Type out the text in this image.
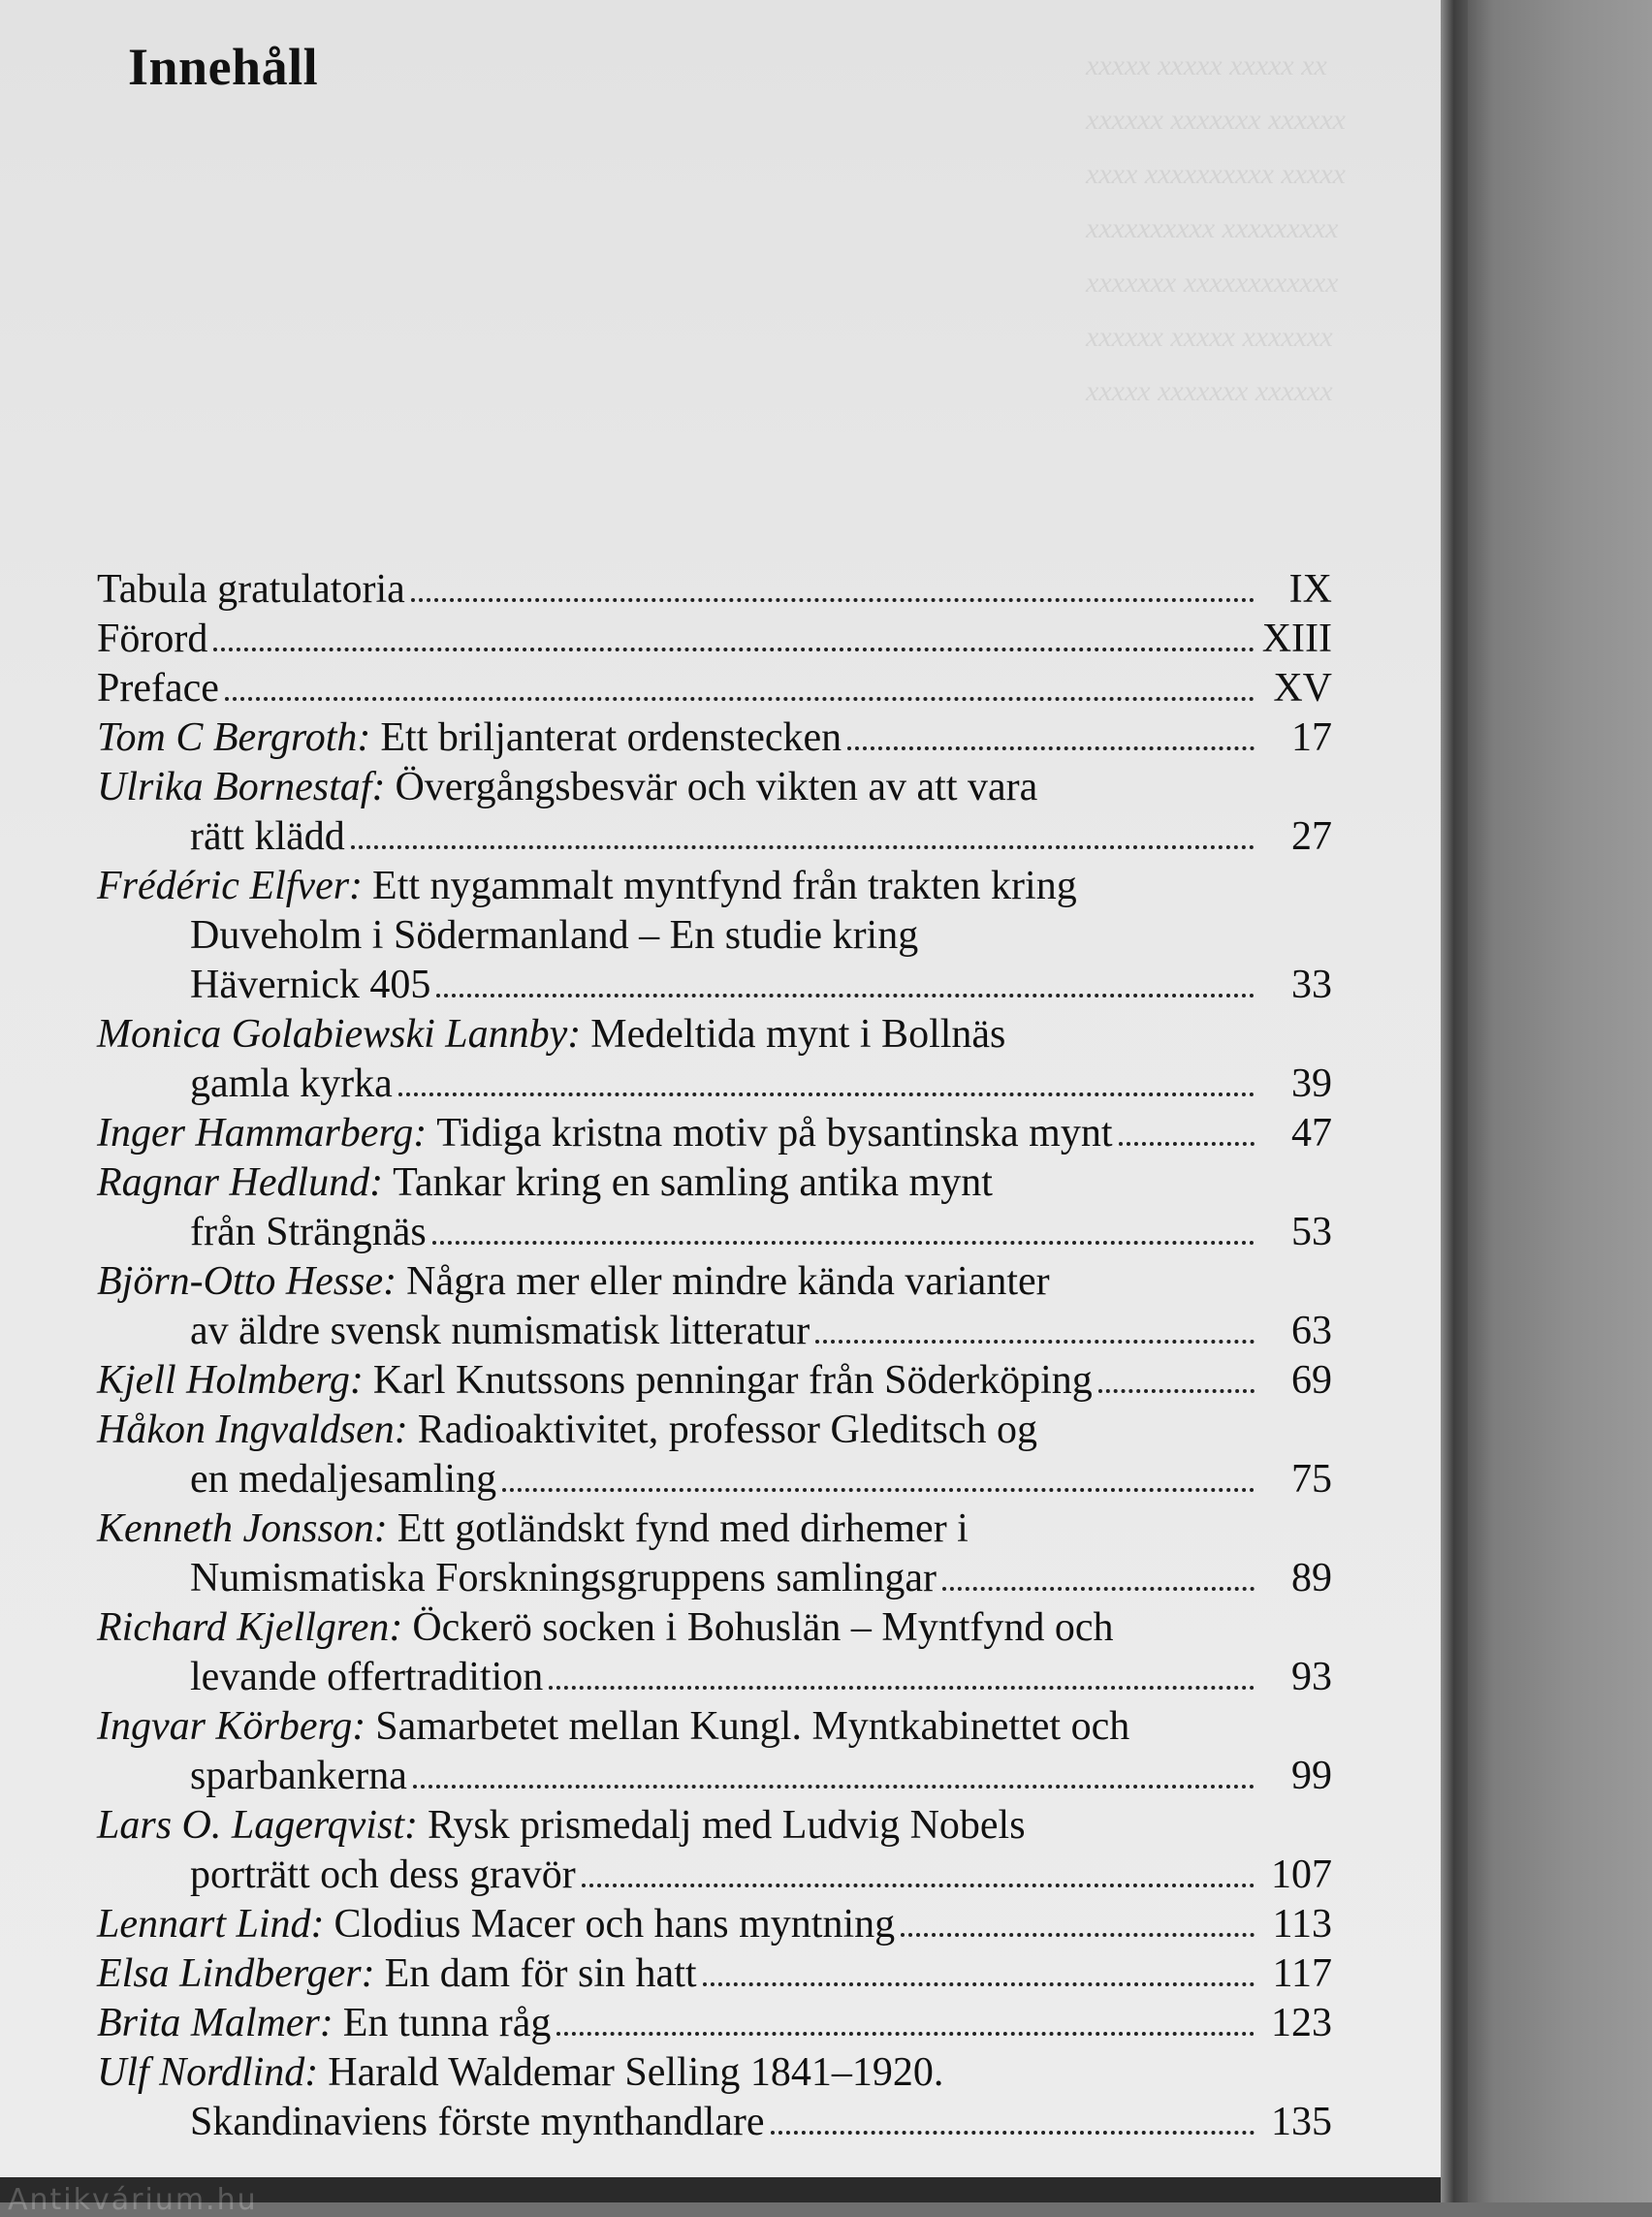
xxxxx xxxxx xxxxx xx
xxxxxx xxxxxxx xxxxxx
xxxx xxxxxxxxxx xxxxx
xxxxxxxxxx xxxxxxxxx
xxxxxxx xxxxxxxxxxxx
xxxxxx xxxxx xxxxxxx
xxxxx xxxxxxx xxxxxx
Innehåll
Tabula gratulatoria	IX
Förord	XIII
Preface	XV
Tom C Bergroth: Ett briljanterat ordenstecken	17
Ulrika Bornestaf: Övergångsbesvär och vikten av att vara
rätt klädd	27
Frédéric Elfver: Ett nygammalt myntfynd från trakten kring
Duveholm i Södermanland – En studie kring
Hävernick 405	33
Monica Golabiewski Lannby: Medeltida mynt i Bollnäs
gamla kyrka	39
Inger Hammarberg: Tidiga kristna motiv på bysantinska mynt	47
Ragnar Hedlund: Tankar kring en samling antika mynt
från Strängnäs	53
Björn-Otto Hesse: Några mer eller mindre kända varianter
av äldre svensk numismatisk litteratur	63
Kjell Holmberg: Karl Knutssons penningar från Söderköping	69
Håkon Ingvaldsen: Radioaktivitet, professor Gleditsch og
en medaljesamling	75
Kenneth Jonsson: Ett gotländskt fynd med dirhemer i
Numismatiska Forskningsgruppens samlingar	89
Richard Kjellgren: Öckerö socken i Bohuslän – Myntfynd och
levande offertradition	93
Ingvar Körberg: Samarbetet mellan Kungl. Myntkabinettet och
sparbankerna	99
Lars O. Lagerqvist: Rysk prismedalj med Ludvig Nobels
porträtt och dess gravör	107
Lennart Lind: Clodius Macer och hans myntning	113
Elsa Lindberger: En dam för sin hatt	117
Brita Malmer: En tunna råg	123
Ulf Nordlind: Harald Waldemar Selling 1841–1920.
Skandinaviens förste mynthandlare	135
Antikvárium.hu
